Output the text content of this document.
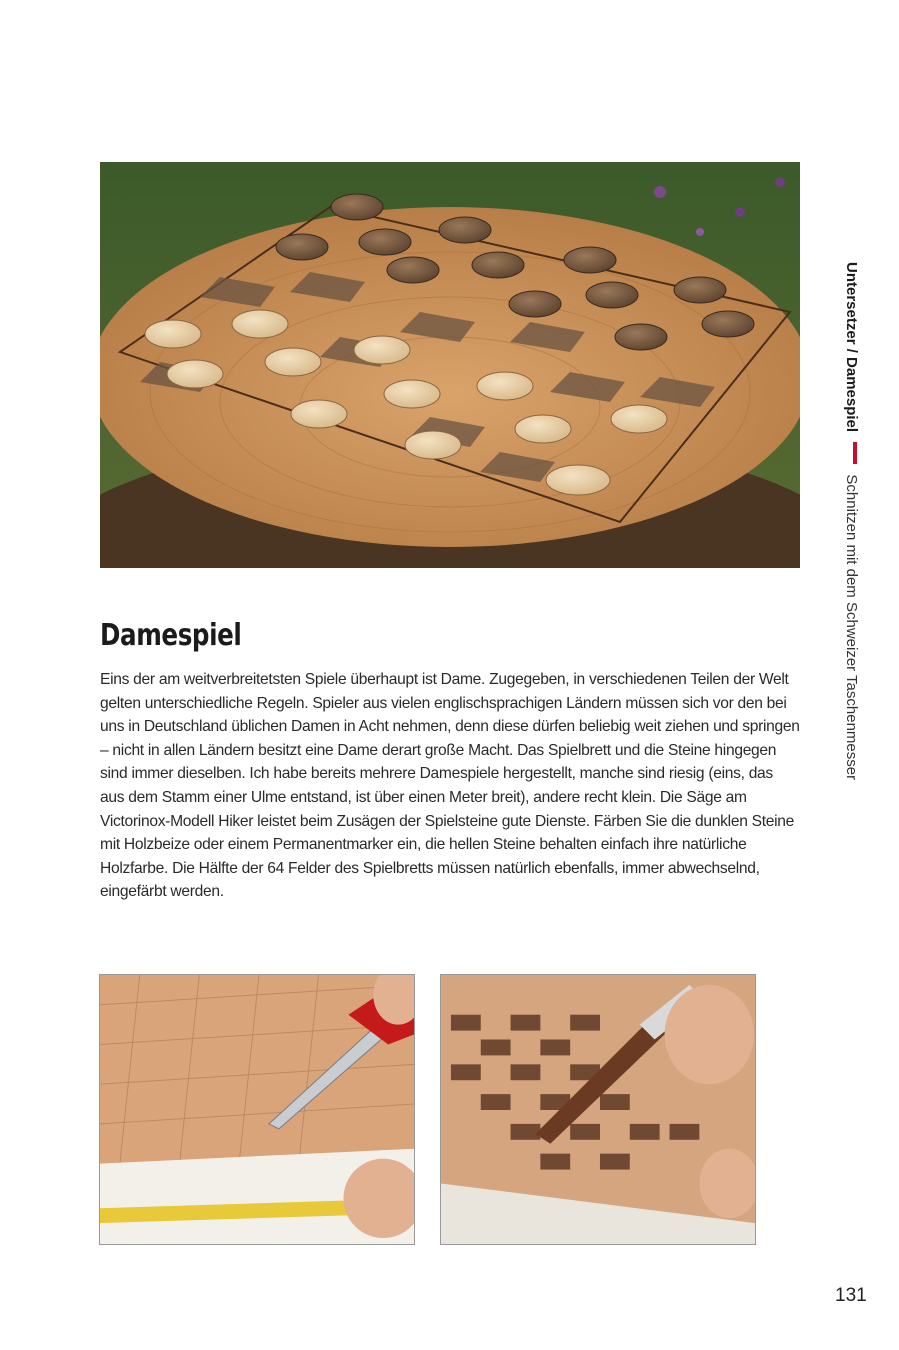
Damespiel

Eins der am weitverbreitetsten Spiele überhaupt ist Dame. Zugegeben, in verschiedenen Teilen der Welt gelten unterschiedliche Regeln. Spieler aus vielen englischsprachigen Ländern müssen sich vor den bei uns in Deutschland üblichen Damen in Acht nehmen, denn diese dürfen beliebig weit ziehen und springen – nicht in allen Ländern besitzt eine Dame derart große Macht. Das Spielbrett und die Steine hingegen sind immer dieselben. Ich habe bereits mehrere Damespiele hergestellt, manche sind riesig (eins, das aus dem Stamm einer Ulme entstand, ist über einen Meter breit), andere recht klein. Die Säge am Victorinox-Modell Hiker leistet beim Zusägen der Spielsteine gute Dienste. Färben Sie die dunklen Steine mit Holzbeize oder einem Permanentmarker ein, die hellen Steine behalten einfach ihre natürliche Holzfarbe. Die Hälfte der 64 Felder des Spielbretts müssen natürlich ebenfalls, immer abwechselnd, eingefärbt werden.

Untersetzer / Damespiel  Schnitzen mit dem Schweizer Taschenmesser
131
